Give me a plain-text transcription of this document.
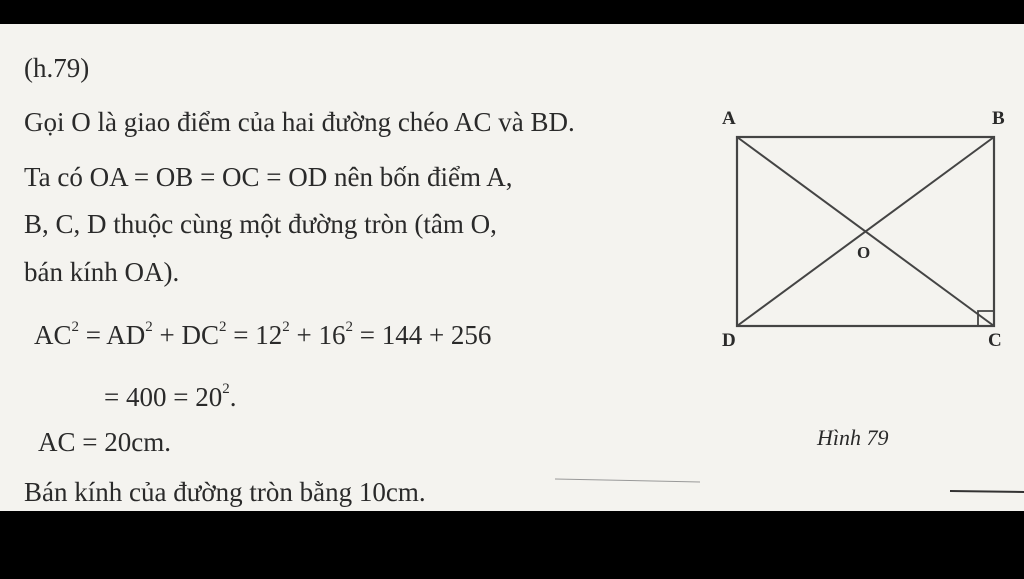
(h.79)
Gọi O là giao điểm của hai đường chéo AC và BD.
Ta có OA = OB = OC = OD nên bốn điểm A,
B, C, D thuộc cùng một đường tròn (tâm O,
bán kính OA).
$AC^2 = AD^2 + DC^2 = 12^2 + 16^2 = 144 + 256$
= $400 = 20^2$.
AC = 20cm.
Bán kính của đường tròn bằng 10cm.
A	B
D	C
O
Hình 79
